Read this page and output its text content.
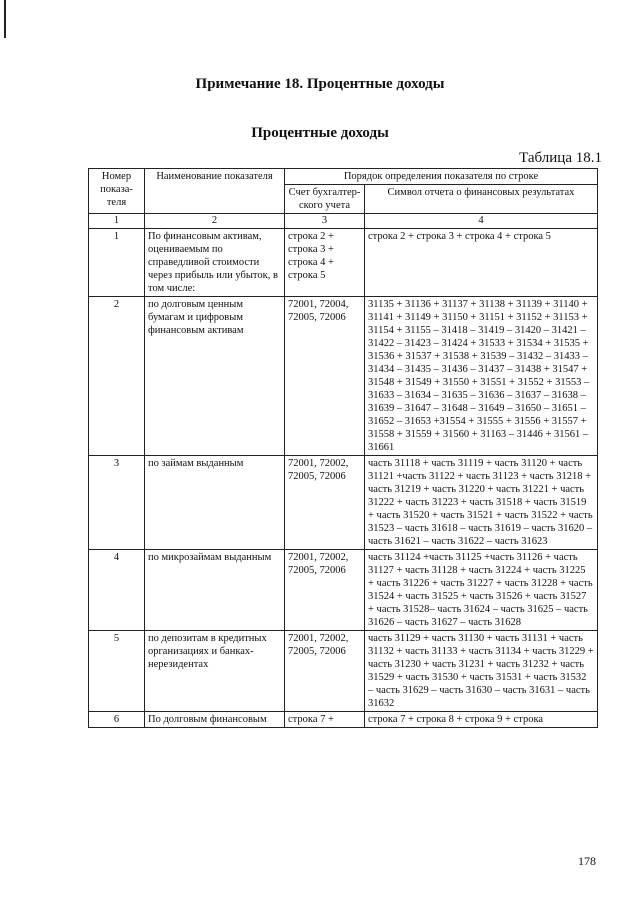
Примечание 18. Процентные доходы
Процентные доходы
Таблица 18.1
Номер показа-теля	Наименование показателя	Порядок определения показателя по строке	
		Счет бухгалтер-ского учета	Символ отчета о финансовых результатах
1	2	3	4
1	По финансовым активам, оцениваемым по справедливой стоимости через прибыль или убыток, в том числе:	строка 2 + строка 3 + строка 4 + строка 5	строка 2 + строка 3 + строка 4 + строка 5
2	по долговым ценным бумагам и цифровым финансовым активам	72001, 72004, 72005, 72006	31135 + 31136 + 31137 + 31138 + 31139 + 31140 + 31141 + 31149 + 31150 + 31151 + 31152 + 31153 + 31154 + 31155 – 31418 – 31419 – 31420 – 31421 – 31422 – 31423 – 31424 + 31533 + 31534 + 31535 + 31536 + 31537 + 31538 + 31539 – 31432 – 31433 – 31434 – 31435 – 31436 – 31437 – 31438 + 31547 + 31548 + 31549 + 31550 + 31551 + 31552 + 31553 – 31633 – 31634 – 31635 – 31636 – 31637 – 31638 – 31639 – 31647 – 31648 – 31649 – 31650 – 31651 – 31652 – 31653 +31554 + 31555 + 31556 + 31557 + 31558 + 31559 + 31560 + 31163 – 31446 + 31561 – 31661
3	по займам выданным	72001, 72002, 72005, 72006	часть 31118 + часть 31119 + часть 31120 + часть 31121 +часть 31122 + часть 31123 + часть 31218 + часть 31219 + часть 31220 + часть 31221 + часть 31222 + часть 31223 + часть 31518 + часть 31519 + часть 31520 + часть 31521 + часть 31522 + часть 31523 – часть 31618 – часть 31619 – часть 31620 – часть 31621 – часть 31622 – часть 31623
4	по микрозаймам выданным	72001, 72002, 72005, 72006	часть 31124 +часть 31125 +часть 31126 + часть 31127 + часть 31128 + часть 31224 + часть 31225 + часть 31226 + часть 31227 + часть 31228 + часть 31524 + часть 31525 + часть 31526 + часть 31527 + часть 31528– часть 31624 – часть 31625 – часть 31626 – часть 31627 – часть 31628
5	по депозитам в кредитных организациях и банках-нерезидентах	72001, 72002, 72005, 72006	часть 31129 + часть 31130 + часть 31131 + часть 31132 + часть 31133 + часть 31134 + часть 31229 + часть 31230 + часть 31231 + часть 31232 + часть 31529 + часть 31530 + часть 31531 + часть 31532 – часть 31629 – часть 31630 – часть 31631 – часть 31632
6	По долговым финансовым	строка 7 +	строка 7 + строка 8 + строка 9 + строка
178
